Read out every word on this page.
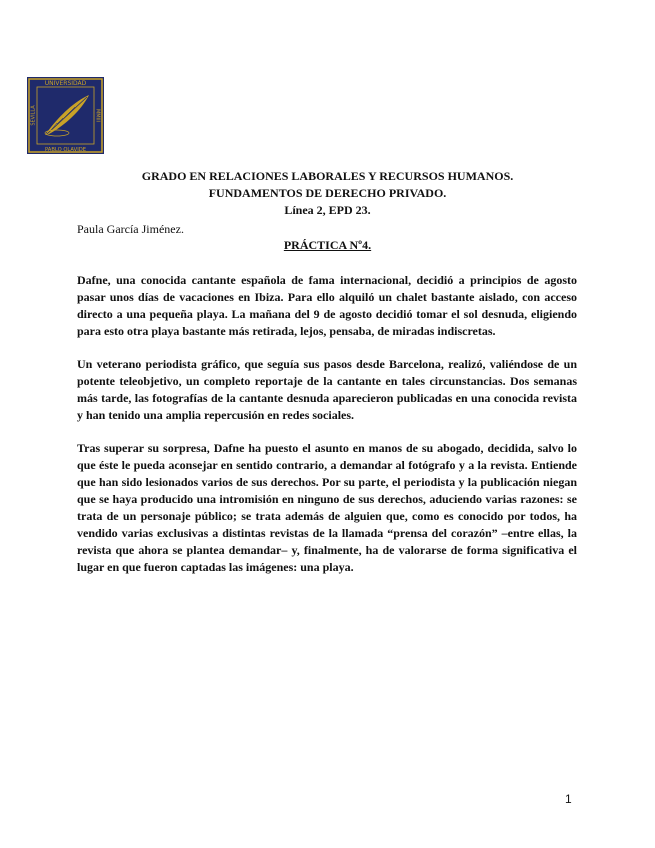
UNIVERSIDAD
PABLO OLAVIDE
SEVILLA	MMIII
GRADO EN RELACIONES LABORALES Y RECURSOS HUMANOS.
FUNDAMENTOS DE DERECHO PRIVADO.
Línea 2, EPD 23.
Paula García Jiménez.
PRÁCTICA Nº4.

Dafne, una conocida cantante española de fama internacional, decidió a principios de agosto pasar unos días de vacaciones en Ibiza. Para ello alquiló un chalet bastante aislado, con acceso directo a una pequeña playa. La mañana del 9 de agosto decidió tomar el sol desnuda, eligiendo para esto otra playa bastante más retirada, lejos, pensaba, de miradas indiscretas.

Un veterano periodista gráfico, que seguía sus pasos desde Barcelona, realizó, valiéndose de un potente teleobjetivo, un completo reportaje de la cantante en tales circunstancias. Dos semanas más tarde, las fotografías de la cantante desnuda aparecieron publicadas en una conocida revista y han tenido una amplia repercusión en redes sociales.

Tras superar su sorpresa, Dafne ha puesto el asunto en manos de su abogado, decidida, salvo lo que éste le pueda aconsejar en sentido contrario, a demandar al fotógrafo y a la revista. Entiende que han sido lesionados varios de sus derechos. Por su parte, el periodista y la publicación niegan que se haya producido una intromisión en ninguno de sus derechos, aduciendo varias razones: se trata de un personaje público; se trata además de alguien que, como es conocido por todos, ha vendido varias exclusivas a distintas revistas de la llamada “prensa del corazón” –entre ellas, la revista que ahora se plantea demandar– y, finalmente, ha de valorarse de forma significativa el lugar en que fueron captadas las imágenes: una playa.

1
